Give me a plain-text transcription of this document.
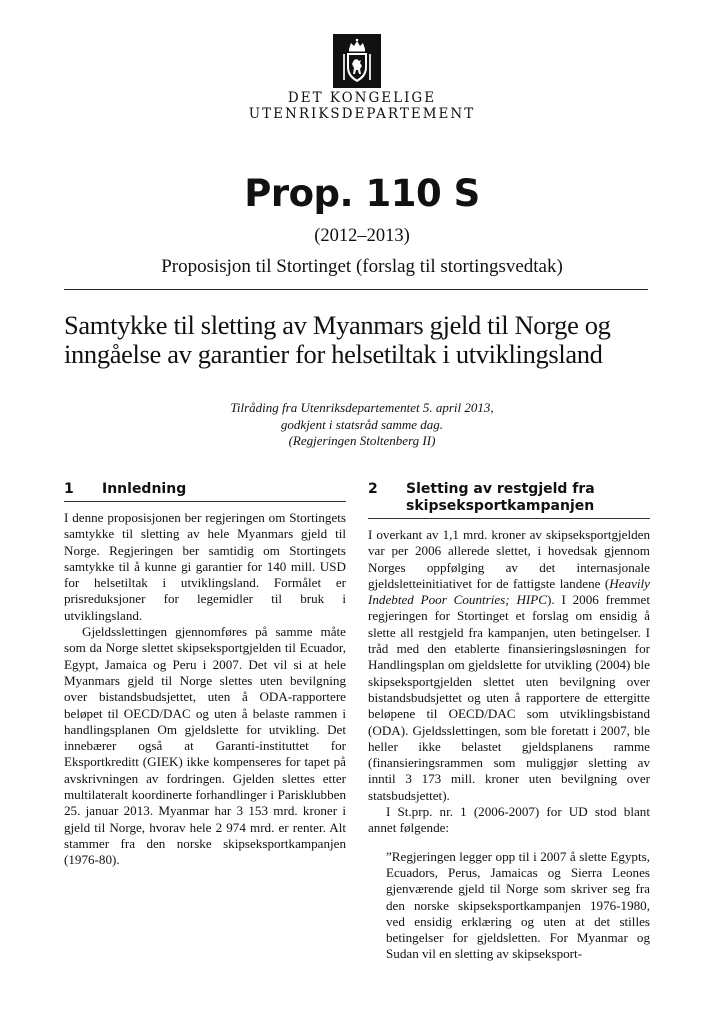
DET KONGELIGE
UTENRIKSDEPARTEMENT
Prop. 110 S
(2012–2013)
Proposisjon til Stortinget (forslag til stortingsvedtak)
Samtykke til sletting av Myanmars gjeld til Norge og
inngåelse av garantier for helsetiltak i utviklingsland
Tilråding fra Utenriksdepartementet 5. april 2013,
godkjent i statsråd samme dag.
(Regjeringen Stoltenberg II)
1 Innledning

I denne proposisjonen ber regjeringen om Stortingets samtykke til sletting av hele Myanmars gjeld til Norge. Regjeringen ber samtidig om Stortingets samtykke til å kunne gi garantier for 140 mill. USD for helsetiltak i utviklingsland. Formålet er prisreduksjoner for legemidler til bruk i utviklingsland.

Gjeldsslettingen gjennomføres på samme måte som da Norge slettet skipseksportgjelden til Ecuador, Egypt, Jamaica og Peru i 2007. Det vil si at hele Myanmars gjeld til Norge slettes uten bevilgning over bistandsbudsjettet, uten å ODA-rapportere beløpet til OECD/DAC og uten å belaste rammen i handlingsplanen Om gjeldslette for utvikling. Det innebærer også at Garanti-instituttet for Eksportkreditt (GIEK) ikke kompenseres for tapet på avskrivningen av fordringen. Gjelden slettes etter multilateralt koordinerte forhandlinger i Parisklubben 25. januar 2013. Myanmar har 3 153 mrd. kroner i gjeld til Norge, hvorav hele 2 974 mrd. er renter. Alt stammer fra den norske skipseksportkampanjen (1976-80).

2 Sletting av restgjeld fra
skipseksportkampanjen

I overkant av 1,1 mrd. kroner av skipseksportgjelden var per 2006 allerede slettet, i hovedsak gjennom Norges oppfølging av det internasjonale gjeldsletteinitiativet for de fattigste landene (Heavily Indebted Poor Countries; HIPC). I 2006 fremmet regjeringen for Stortinget et forslag om ensidig å slette all restgjeld fra kampanjen, uten betingelser. I tråd med den etablerte finansieringsløsningen for Handlingsplan om gjeldslette for utvikling (2004) ble skipseksportgjelden slettet uten bevilgning over bistandsbudsjettet og uten å rapportere de ettergitte beløpene til OECD/DAC som utviklingsbistand (ODA). Gjeldsslettingen, som ble foretatt i 2007, ble heller ikke belastet gjeldsplanens ramme (finansieringsrammen som muliggjør sletting av inntil 3 173 mill. kroner uten bevilgning over statsbudsjettet).

I St.prp. nr. 1 (2006-2007) for UD stod blant annet følgende:

”Regjeringen legger opp til i 2007 å slette Egypts, Ecuadors, Perus, Jamaicas og Sierra Leones gjenværende gjeld til Norge som skriver seg fra den norske skipseksportkampanjen 1976-1980, ved ensidig erklæring og uten at det stilles betingelser for gjeldsletten. For Myanmar og Sudan vil en sletting av skipseksport-
